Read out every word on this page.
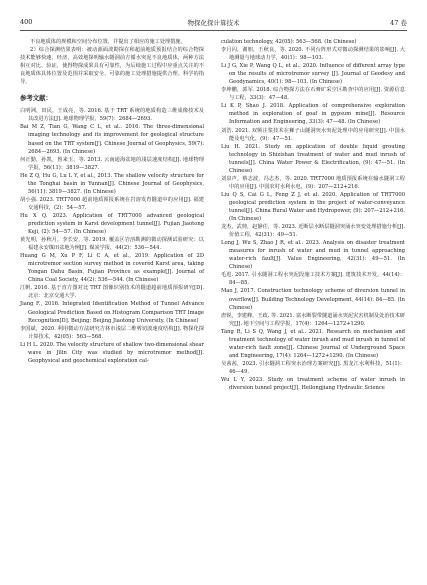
400	物探化探计算技术	47 卷

不良地质体的规模和空间分布位置，并提出了相应的施工处理措施。

2）综合探测结果表明：被动源面波勘探在和超前地质预报结合的综合物探技术能够快速、经济、高效地探明输水隧洞前方循水突泥不良地质体，两种方法相互对比、验证，使得物探成果具有可靠性，为后续施工过程中应重点关注的不良地质体具体位置及范围并采取安全、可靠的施工处理措施提供合理、科学的指导。

参考文献：

白明洲，田民，王成亮，等. 2016. 基于 TRT 系统的地质构造三维成像技术及其改进方法[J]. 地球物理学报，59(7)：2684—2693.

Bai M Z, Tian G, Wang C L, et al.. 2016. The three-dimensional imaging technology and its improvement for geological structure based on the TRT system[J]. Chinese Journal of Geophysics, 59(7): 2684—2693. (In Chinese)

何正勤，孙凯，鲁来玉，等. 2013. 云南通海盆地的浅层速度结构[J]. 地球物理学报，56(11)：3819—3827.

He Z Q, Hu G, Lu L Y, et al., 2013. The shallow velocity structure for the Tonghai basin in Yunnan[J]. Chinese Journal of Geophysics, 56(11): 3819—3827. (In Chinese)

胡小强. 2023. TRT7000 超前地质预报系统在岩溶发育隧道中的应用[J]. 福建交通科技，(2)：54—57.

Hu X Q. 2023. Application of TRT7000 advanced geological prediction system in Karst development tunnel[J]. Fujian Jiaotong Keji, (2): 54—57. (In Chinese)

黄光明，孙秋月，李长安，等. 2019. 覆盖区岩溶勘测的微动探测试验研究：以福建永安煤田盆地为例[J]. 煤炭学报，44(2)：536—544.

Huang G M, Xu P F, Li C A, et al., 2019. Application of 2D microtremor section survey method in covered Karst area, taking Yongan Dahu Basin, Fujian Province as example[J]. Journal of China Coal Society, 44(2): 536—544. (In Chinese)

江帆. 2016. 基于直方图对比 TRT 图像识别技术的隧道超前地质预报研究[D]. 北京：北京交通大学.

Jiang F., 2016. Integrated Identification Method of Tunnel Advance Geological Prediction Based on Histogram Comparison TRT Image Recognition[D]. Beijing: Beijing Jiaotong University. (In Chinese)

李国斌，2020. 利用微动方法研究吉林市浅层二维剪切波速度结构[J]. 物探化探计算技术，42(05)：563—568.

Li H L. 2020. The velocity structure of shallow two-dimensional shear wave in Jilin City was studied by microtremor method[J]. Geophysical and geochemical exploration cal-

culation technology, 42(05): 563—568. (In Chinese)

李月闪，谢朋，王秋良，等. 2020. 不同台阵形式对微动探测结果的影响[J]. 大地测量与地球动力学，40(1)：98—103.

Li J G, Xie P, Wang Q L, et al.. 2020. Influence of different array type on the results of microtremor survey [J]. Journal of Geodesy and Geodynamics, 40(1): 98—103. (In Chinese)

李坤鹏，郭军. 2018. 综合物探方法在石膏矿采空区勘查中的应用[J]. 资源信息与工程，33(3)：47—48.

Li K P, Shao J. 2018. Application of comprehensive exploration method in exploration of goaf in gypsum mine[J]. Resource Information and Engineering, 33(3): 47—48. (In Chinese)

刘浩. 2021. 双频注浆技术在狮子山隧洞突水突泥处理中的应用研究[J]. 中国水能及电气化，(9)：47—51.

Liu H. 2021. Study on application of double liquid grouting technology in Shizishan treatment of water and mud inrush of tunnels[J]. China Water Power & Electrification, (9): 47—51. (In Chinese)

刘泉声，蔡志波，冯志杰，等. 2020. TRT7000 地质预报系统在输水隧洞工程中的应用[J]. 中国农村水利水电，(9)：207—212+216.

Liu Q S, Cai G L, Feng Z J, et al. 2020. Application of TRT7000 geological prediction system in the project of water-conveyance tunnel[J]. China Rural Water and Hydropower, (9): 207—212+216. (In Chinese)

龙杰，武帅，赵静任，等. 2023. 近断层水断层隧洞突涌水突变处理措施分析[J]. 价值工程，42(31)：49—51.

Long J, Wu S, Zhao J R, et al.. 2023. Analysis on disaster treatment measures for inrush of water and mud in tunnel approaching water-rich fault[J]. Value Engineering, 42(31): 49—51. (In Chinese)

毛进. 2017. 引水隧洞工程水突泥段施工技术方案[J]. 建筑技术开发，44(14)：84—85.

Mao J, 2017. Construction technology scheme of diversion tunnel in overflow[J]. Building Technology Development, 44(14): 84—85. (In Chinese)

唐锐，李建峰，王政. 等. 2021. 富水断裂带隧道涌水突泥灾害机制及处治技术研究[J]. 地下空间与工程学报，17(4)：1264—1272+1290.

Tang R, Li S Q, Wang J, et al.. 2021. Research on mechanism and treatment technology of water inrush and mud inrush in tunnel of water-rich fault zone[J]. Chinese Journal of Underground Space and Engineering, 17(4): 1264—1272+1290. (In Chinese)

吴茜茜，2023. 引水隧洞工程突水治理方案研究[J]. 黑龙江水利科技，51(1)：46—49.

Wu L Y, 2023. Study on treatment scheme of water inrush in diversion tunnel project[J]. Heilongjiang Hydraulic Science
